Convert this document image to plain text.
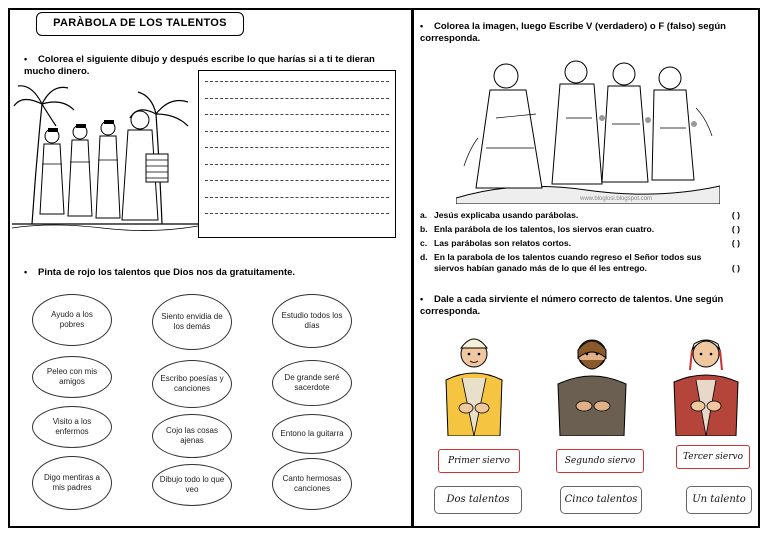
PARÀBOLA DE LOS TALENTOS
• Colorea el siguiente dibujo y después escribe lo que harías si a ti te dieran mucho dinero.
• Pinta de rojo los talentos que Dios nos da gratuitamente.
Ayudo a los pobres
Siento envidia de los demás
Estudio todos los días
Peleo con mis amigos	Escribo poesías y canciones
De grande seré sacerdote
Visito a los enfermos	Cojo las cosas ajenas
Entono la guitarra
Digo mentiras a mis padres
Dibujo todo lo que veo
Canto hermosas canciones
• Colorea la imagen, luego Escribe V (verdadero) o F (falso) según corresponda.
www.bloglosi.blogspot.com
a. Jesús explicaba usando parábolas.	( )
b. Enla parábola de los talentos, los siervos eran cuatro.	( )
c. Las parábolas son relatos cortos.	( )
d. En la parabola de los talentos cuando regreso el Señor todos sus siervos habían ganado más de lo que él les entrego.	( )
• Dale a cada sirviente el número correcto de talentos. Une según corresponda.
Primer siervo	Segundo siervo	Tercer siervo
Dos talentos	Cinco talentos	Un talento
